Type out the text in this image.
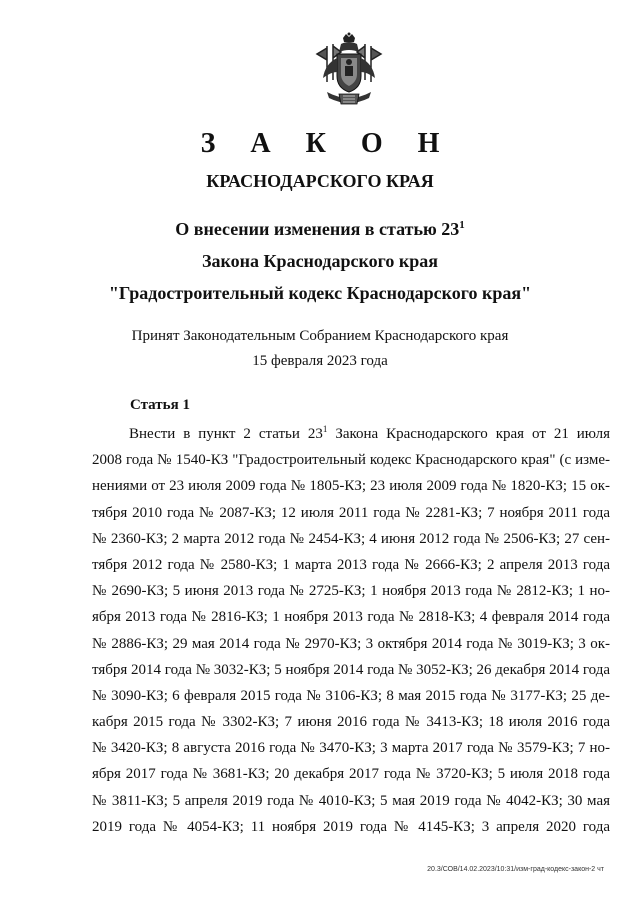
З А К О Н
КРАСНОДАРСКОГО КРАЯ
О внесении изменения в статью $23^1$
Закона Краснодарского края
"Градостроительный кодекс Краснодарского края"
Принят Законодательным Собранием Краснодарского края
15 февраля 2023 года
Статья 1
Внести в пункт 2 статьи $23^1$ Закона Краснодарского края от 21 июля
2008 года № 1540-КЗ "Градостроительный кодекс Краснодарского края" (с изме-
нениями от 23 июля 2009 года № 1805-КЗ; 23 июля 2009 года № 1820-КЗ; 15 ок-
тября 2010 года № 2087-КЗ; 12 июля 2011 года № 2281-КЗ; 7 ноября 2011 года
№ 2360-КЗ; 2 марта 2012 года № 2454-КЗ; 4 июня 2012 года № 2506-КЗ; 27 сен-
тября 2012 года № 2580-КЗ; 1 марта 2013 года № 2666-КЗ; 2 апреля 2013 года
№ 2690-КЗ; 5 июня 2013 года № 2725-КЗ; 1 ноября 2013 года № 2812-КЗ; 1 но-
ября 2013 года № 2816-КЗ; 1 ноября 2013 года № 2818-КЗ; 4 февраля 2014 года
№ 2886-КЗ; 29 мая 2014 года № 2970-КЗ; 3 октября 2014 года № 3019-КЗ; 3 ок-
тября 2014 года № 3032-КЗ; 5 ноября 2014 года № 3052-КЗ; 26 декабря 2014 года
№ 3090-КЗ; 6 февраля 2015 года № 3106-КЗ; 8 мая 2015 года № 3177-КЗ; 25 де-
кабря 2015 года № 3302-КЗ; 7 июня 2016 года № 3413-КЗ; 18 июля 2016 года
№ 3420-КЗ; 8 августа 2016 года № 3470-КЗ; 3 марта 2017 года № 3579-КЗ; 7 но-
ября 2017 года № 3681-КЗ; 20 декабря 2017 года № 3720-КЗ; 5 июля 2018 года
№ 3811-КЗ; 5 апреля 2019 года № 4010-КЗ; 5 мая 2019 года № 4042-КЗ; 30 мая
2019 года № 4054-КЗ; 11 ноября 2019 года № 4145-КЗ; 3 апреля 2020 года
20.3/СОВ/14.02.2023/10:31/изм-град-кодекс-закон-2 чт
